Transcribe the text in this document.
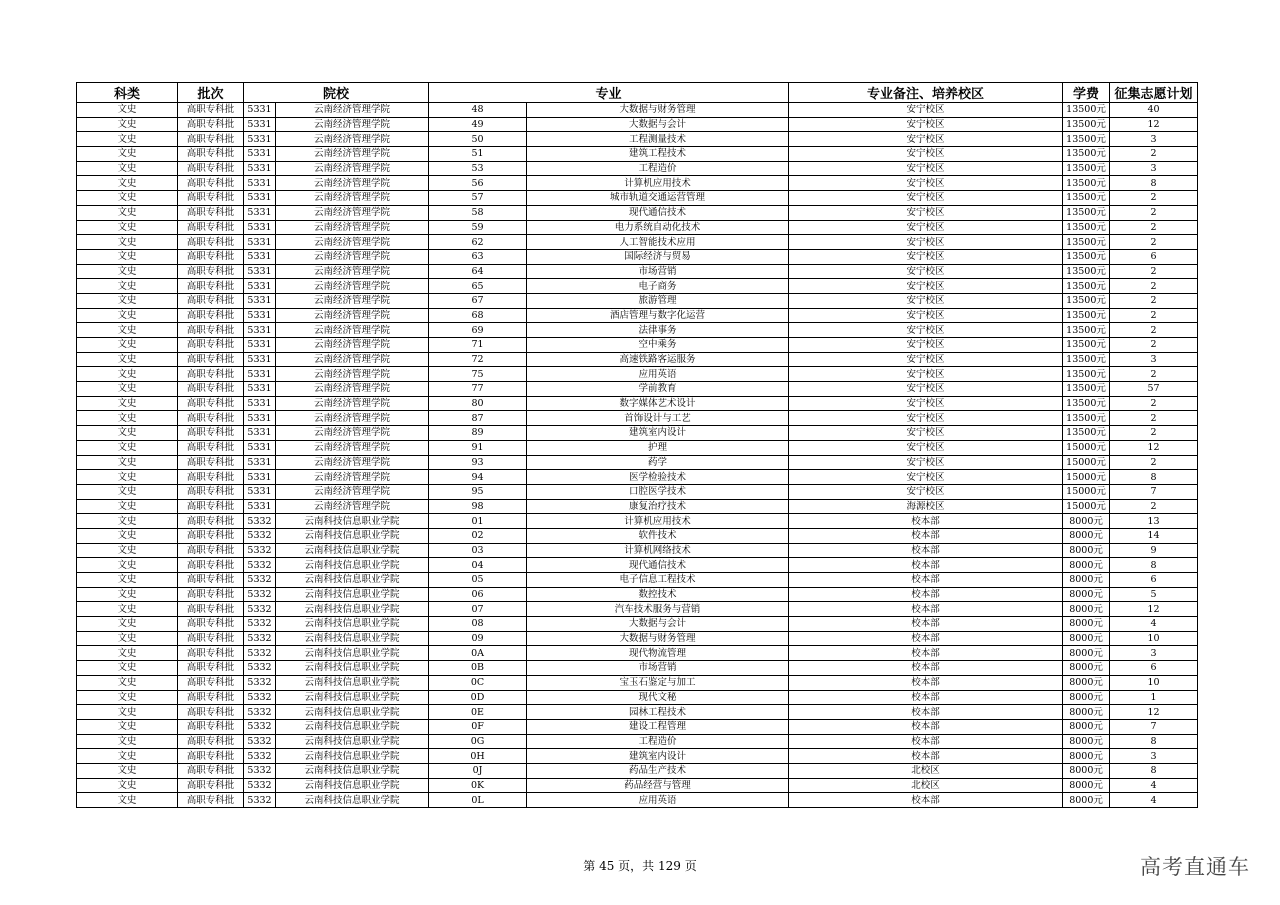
科类	批次	院校		专业		专业备注、培养校区	学费	征集志愿计划
文史	高职专科批	5331	云南经济管理学院	48	大数据与财务管理	安宁校区	13500元	40
文史	高职专科批	5331	云南经济管理学院	49	大数据与会计	安宁校区	13500元	12
文史	高职专科批	5331	云南经济管理学院	50	工程测量技术	安宁校区	13500元	3
文史	高职专科批	5331	云南经济管理学院	51	建筑工程技术	安宁校区	13500元	2
文史	高职专科批	5331	云南经济管理学院	53	工程造价	安宁校区	13500元	3
文史	高职专科批	5331	云南经济管理学院	56	计算机应用技术	安宁校区	13500元	8
文史	高职专科批	5331	云南经济管理学院	57	城市轨道交通运营管理	安宁校区	13500元	2
文史	高职专科批	5331	云南经济管理学院	58	现代通信技术	安宁校区	13500元	2
文史	高职专科批	5331	云南经济管理学院	59	电力系统自动化技术	安宁校区	13500元	2
文史	高职专科批	5331	云南经济管理学院	62	人工智能技术应用	安宁校区	13500元	2
文史	高职专科批	5331	云南经济管理学院	63	国际经济与贸易	安宁校区	13500元	6
文史	高职专科批	5331	云南经济管理学院	64	市场营销	安宁校区	13500元	2
文史	高职专科批	5331	云南经济管理学院	65	电子商务	安宁校区	13500元	2
文史	高职专科批	5331	云南经济管理学院	67	旅游管理	安宁校区	13500元	2
文史	高职专科批	5331	云南经济管理学院	68	酒店管理与数字化运营	安宁校区	13500元	2
文史	高职专科批	5331	云南经济管理学院	69	法律事务	安宁校区	13500元	2
文史	高职专科批	5331	云南经济管理学院	71	空中乘务	安宁校区	13500元	2
文史	高职专科批	5331	云南经济管理学院	72	高速铁路客运服务	安宁校区	13500元	3
文史	高职专科批	5331	云南经济管理学院	75	应用英语	安宁校区	13500元	2
文史	高职专科批	5331	云南经济管理学院	77	学前教育	安宁校区	13500元	57
文史	高职专科批	5331	云南经济管理学院	80	数字媒体艺术设计	安宁校区	13500元	2
文史	高职专科批	5331	云南经济管理学院	87	首饰设计与工艺	安宁校区	13500元	2
文史	高职专科批	5331	云南经济管理学院	89	建筑室内设计	安宁校区	13500元	2
文史	高职专科批	5331	云南经济管理学院	91	护理	安宁校区	15000元	12
文史	高职专科批	5331	云南经济管理学院	93	药学	安宁校区	15000元	2
文史	高职专科批	5331	云南经济管理学院	94	医学检验技术	安宁校区	15000元	8
文史	高职专科批	5331	云南经济管理学院	95	口腔医学技术	安宁校区	15000元	7
文史	高职专科批	5331	云南经济管理学院	98	康复治疗技术	海源校区	15000元	2
文史	高职专科批	5332	云南科技信息职业学院	01	计算机应用技术	校本部	8000元	13
文史	高职专科批	5332	云南科技信息职业学院	02	软件技术	校本部	8000元	14
文史	高职专科批	5332	云南科技信息职业学院	03	计算机网络技术	校本部	8000元	9
文史	高职专科批	5332	云南科技信息职业学院	04	现代通信技术	校本部	8000元	8
文史	高职专科批	5332	云南科技信息职业学院	05	电子信息工程技术	校本部	8000元	6
文史	高职专科批	5332	云南科技信息职业学院	06	数控技术	校本部	8000元	5
文史	高职专科批	5332	云南科技信息职业学院	07	汽车技术服务与营销	校本部	8000元	12
文史	高职专科批	5332	云南科技信息职业学院	08	大数据与会计	校本部	8000元	4
文史	高职专科批	5332	云南科技信息职业学院	09	大数据与财务管理	校本部	8000元	10
文史	高职专科批	5332	云南科技信息职业学院	0A	现代物流管理	校本部	8000元	3
文史	高职专科批	5332	云南科技信息职业学院	0B	市场营销	校本部	8000元	6
文史	高职专科批	5332	云南科技信息职业学院	0C	宝玉石鉴定与加工	校本部	8000元	10
文史	高职专科批	5332	云南科技信息职业学院	0D	现代文秘	校本部	8000元	1
文史	高职专科批	5332	云南科技信息职业学院	0E	园林工程技术	校本部	8000元	12
文史	高职专科批	5332	云南科技信息职业学院	0F	建设工程管理	校本部	8000元	7
文史	高职专科批	5332	云南科技信息职业学院	0G	工程造价	校本部	8000元	8
文史	高职专科批	5332	云南科技信息职业学院	0H	建筑室内设计	校本部	8000元	3
文史	高职专科批	5332	云南科技信息职业学院	0J	药品生产技术	北校区	8000元	8
文史	高职专科批	5332	云南科技信息职业学院	0K	药品经营与管理	北校区	8000元	4
文史	高职专科批	5332	云南科技信息职业学院	0L	应用英语	校本部	8000元	4
第 45 页，共 129 页	高考直通车
